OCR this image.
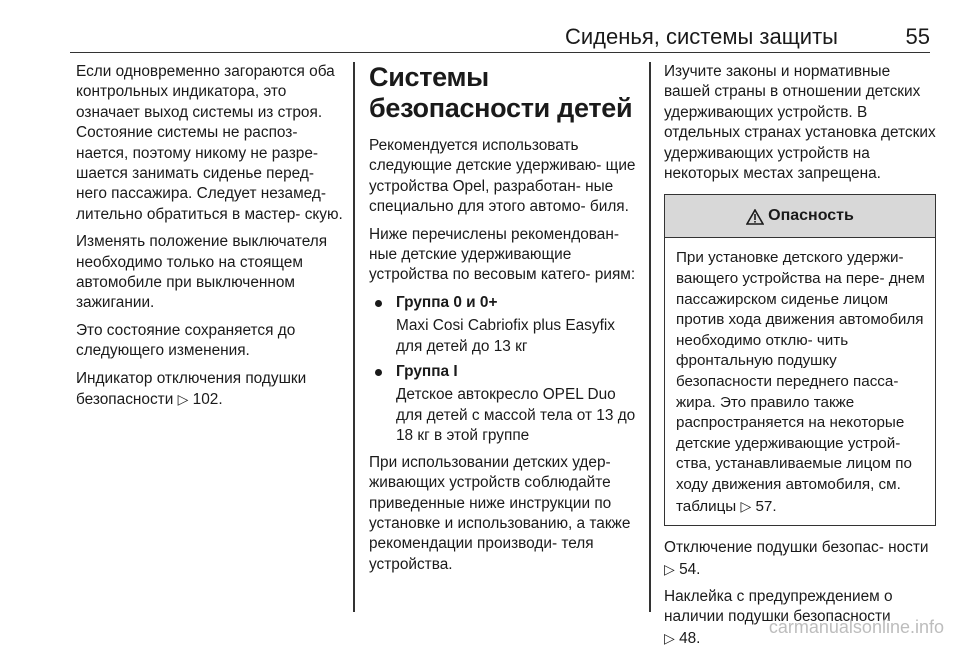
Сиденья, системы защиты	55

Если одновременно загораются оба контрольных индикатора, это означает выход системы из строя. Состояние системы не распоз- нается, поэтому никому не разре- шается занимать сиденье перед- него пассажира. Следует незамед- лительно обратиться в мастер- скую.

Изменять положение выключателя необходимо только на стоящем автомобиле при выключенном зажигании.

Это состояние сохраняется до следующего изменения.

Индикатор отключения подушки безопасности ▷ 102.

Системы безопасности детей

Рекомендуется использовать следующие детские удерживаю- щие устройства Opel, разработан- ные специально для этого автомо- биля.

Ниже перечислены рекомендован- ные детские удерживающие устройства по весовым катего- риям:

Группа 0 и 0+
Maxi Cosi Cabriofix plus Easyfix для детей до 13 кг
Группа I
Детское автокресло OPEL Duo для детей с массой тела от 13 до 18 кг в этой группе

При использовании детских удер- живающих устройств соблюдайте приведенные ниже инструкции по установке и использованию, а также рекомендации производи- теля устройства.

Изучите законы и нормативные вашей страны в отношении детских удерживающих устройств. В отдельных странах установка детских удерживающих устройств на некоторых местах запрещена.

Опасность
При установке детского удержи- вающего устройства на пере- днем пассажирском сиденье лицом против хода движения автомобиля необходимо отклю- чить фронтальную подушку безопасности переднего пасса- жира. Это правило также распространяется на некоторые детские удерживающие устрой- ства, устанавливаемые лицом по ходу движения автомобиля, см. таблицы ▷ 57.

Отключение подушки безопас- ности ▷ 54.

Наклейка с предупреждением о наличии подушки безопасности
▷ 48.

carmanualsonline.info
